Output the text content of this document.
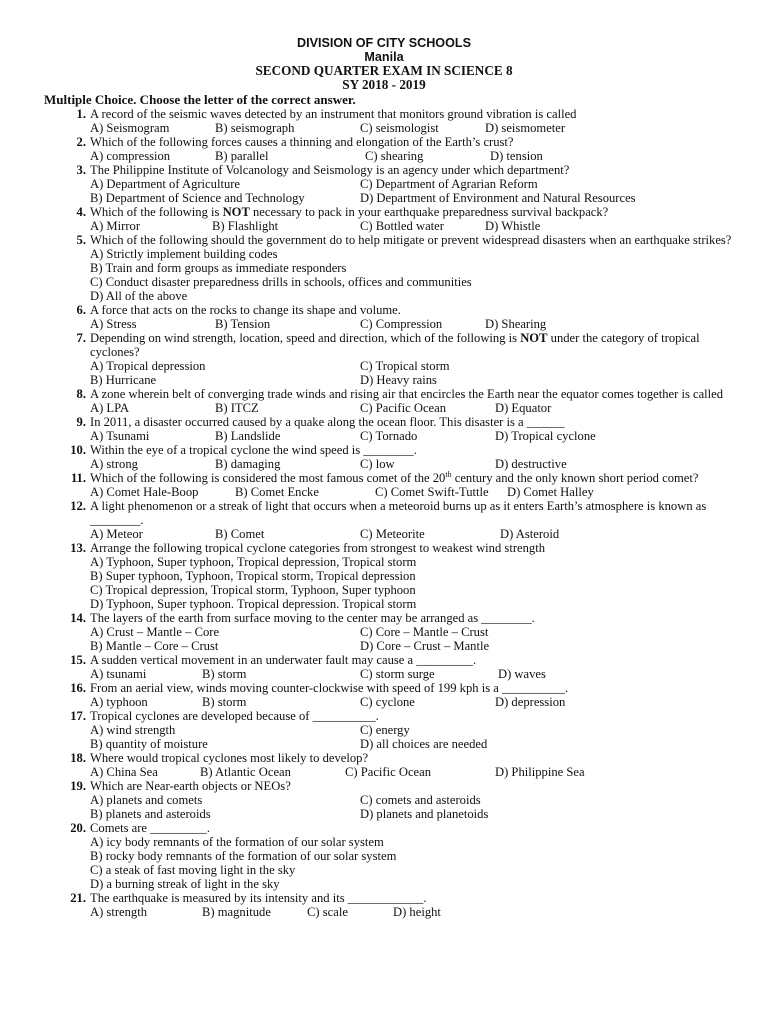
DIVISION OF CITY SCHOOLS
Manila
SECOND QUARTER EXAM IN SCIENCE 8
SY 2018 - 2019
Multiple Choice. Choose the letter of the correct answer.
1. A record of the seismic waves detected by an instrument that monitors ground vibration is called
A) Seismogram	B) seismograph	C) seismologist	D) seismometer
2. Which of the following forces causes a thinning and elongation of the Earth’s crust?
A) compression	B) parallel	C) shearing	D) tension
3. The Philippine Institute of Volcanology and Seismology is an agency under which department?
A) Department of Agriculture	C) Department of Agrarian Reform
B) Department of Science and Technology	D) Department of Environment and Natural Resources
4. Which of the following is NOT necessary to pack in your earthquake preparedness survival backpack?
A) Mirror	B) Flashlight	C) Bottled water	D) Whistle
5. Which of the following should the government do to help mitigate or prevent widespread disasters when an earthquake strikes?
A) Strictly implement building codes
B) Train and form groups as immediate responders
C) Conduct disaster preparedness drills in schools, offices and communities
D) All of the above
6. A force that acts on the rocks to change its shape and volume.
A) Stress	B) Tension	C) Compression	D) Shearing
7. Depending on wind strength, location, speed and direction, which of the following is NOT under the category of tropical cyclones?
A) Tropical depression	C) Tropical storm
B) Hurricane	D) Heavy rains
8. A zone wherein belt of converging trade winds and rising air that encircles the Earth near the equator comes together is called
A) LPA	B) ITCZ	C) Pacific Ocean	D) Equator
9. In 2011, a disaster occurred caused by a quake along the ocean floor. This disaster is a ______
A) Tsunami	B) Landslide	C) Tornado	D) Tropical cyclone
10. Within the eye of a tropical cyclone the wind speed is ________.
A) strong	B) damaging	C) low	D) destructive
11. Which of the following is considered the most famous comet of the 20th century and the only known short period comet?
A) Comet Hale-Boop	B) Comet Encke	C) Comet Swift-Tuttle D) Comet Halley
12. A light phenomenon or a streak of light that occurs when a meteoroid burns up as it enters Earth’s atmosphere is known as ________.
A) Meteor	B) Comet	C) Meteorite	D) Asteroid
13. Arrange the following tropical cyclone categories from strongest to weakest wind strength
A) Typhoon, Super typhoon, Tropical depression, Tropical storm
B) Super typhoon, Typhoon, Tropical storm, Tropical depression
C) Tropical depression, Tropical storm, Typhoon, Super typhoon
D) Typhoon, Super typhoon. Tropical depression. Tropical storm
14. The layers of the earth from surface moving to the center may be arranged as ________.
A) Crust – Mantle – Core	C) Core – Mantle – Crust
B) Mantle – Core – Crust	D) Core – Crust – Mantle
15. A sudden vertical movement in an underwater fault may cause a _________.
A) tsunami	B) storm	C) storm surge	D) waves
16. From an aerial view, winds moving counter-clockwise with speed of 199 kph is a __________.
A) typhoon	B) storm	C) cyclone	D) depression
17. Tropical cyclones are developed because of __________.
A) wind strength	C) energy
B) quantity of moisture	D) all choices are needed
18. Where would tropical cyclones most likely to develop?
A) China Sea	B) Atlantic Ocean	C) Pacific Ocean	D) Philippine Sea
19. Which are Near-earth objects or NEOs?
A) planets and comets	C) comets and asteroids
B) planets and asteroids	D) planets and planetoids
20. Comets are _________.
A) icy body remnants of the formation of our solar system
B) rocky body remnants of the formation of our solar system
C) a steak of fast moving light in the sky
D) a burning streak of light in the sky
21. The earthquake is measured by its intensity and its ____________.
A) strength	B) magnitude	C) scale	D) height
